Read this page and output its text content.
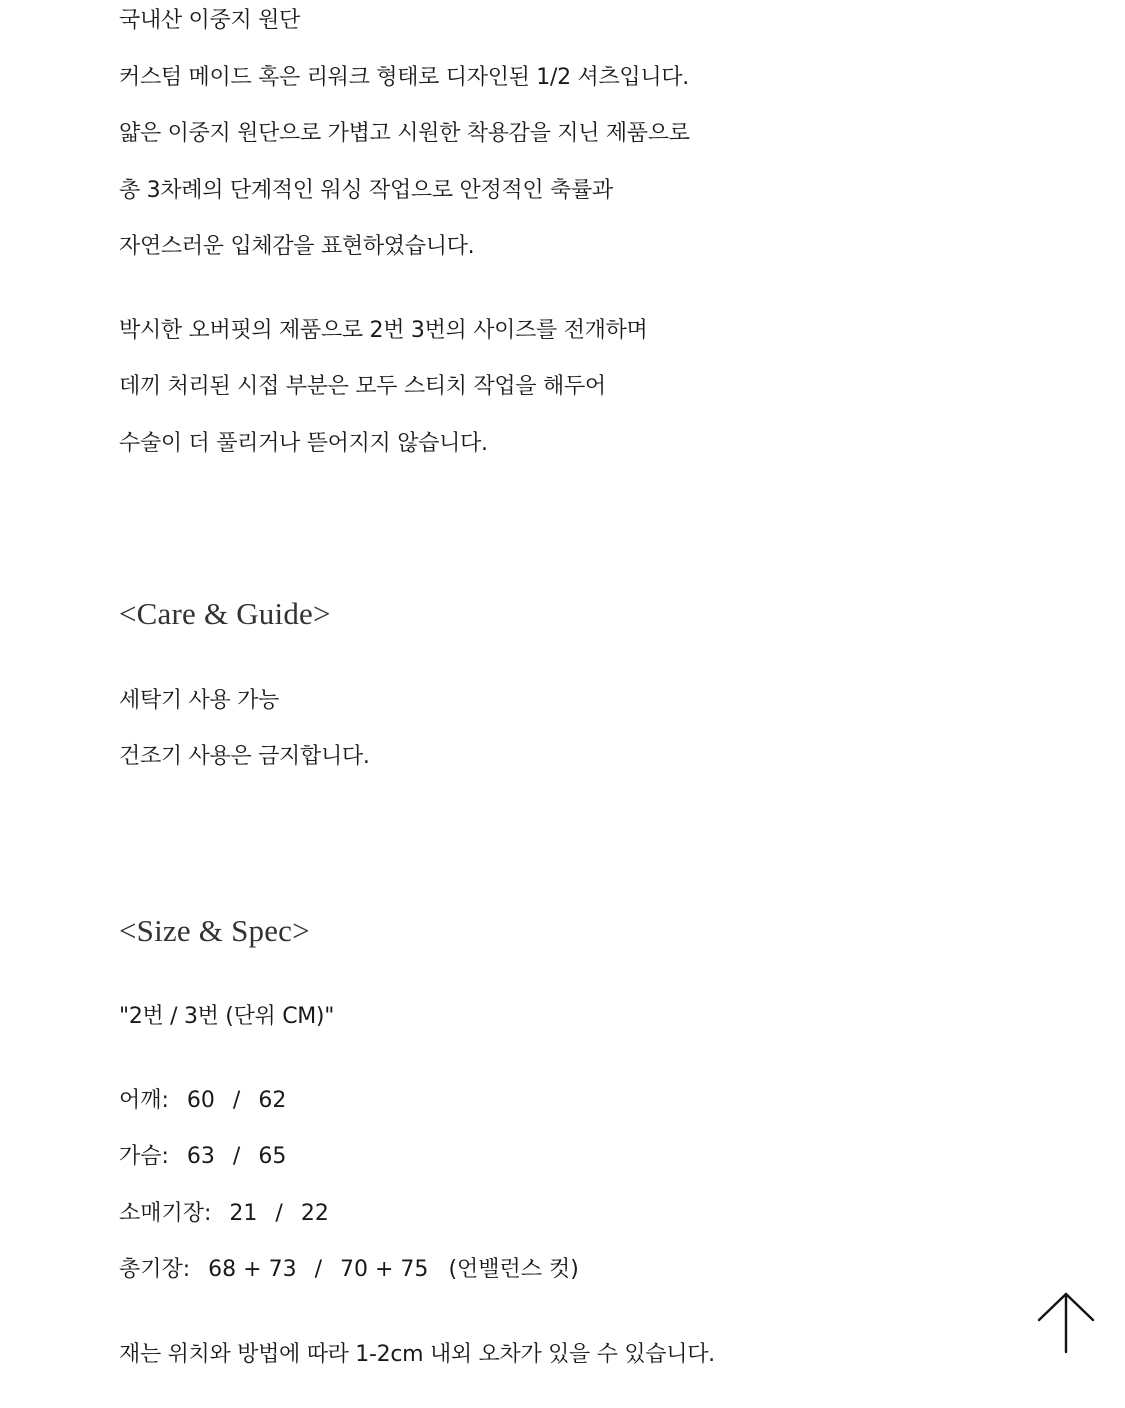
국내산 이중지 원단
커스텀 메이드 혹은 리워크 형태로 디자인된 1/2 셔츠입니다.
얇은 이중지 원단으로 가볍고 시원한 착용감을 지닌 제품으로
총 3차례의 단계적인 워싱 작업으로 안정적인 축률과
자연스러운 입체감을 표현하였습니다.
박시한 오버핏의 제품으로 2번 3번의 사이즈를 전개하며
데끼 처리된 시접 부분은 모두 스티치 작업을 해두어
수술이 더 풀리거나 뜯어지지 않습니다.
<Care & Guide>
세탁기 사용 가능
건조기 사용은 금지합니다.
<Size & Spec>
"2번 / 3번 (단위 CM)"
어깨: 60 / 62
가슴: 63 / 65
소매기장: 21 / 22
총기장: 68 + 73 / 70 + 75 (언밸런스 컷)
재는 위치와 방법에 따라 1-2cm 내외 오차가 있을 수 있습니다.
